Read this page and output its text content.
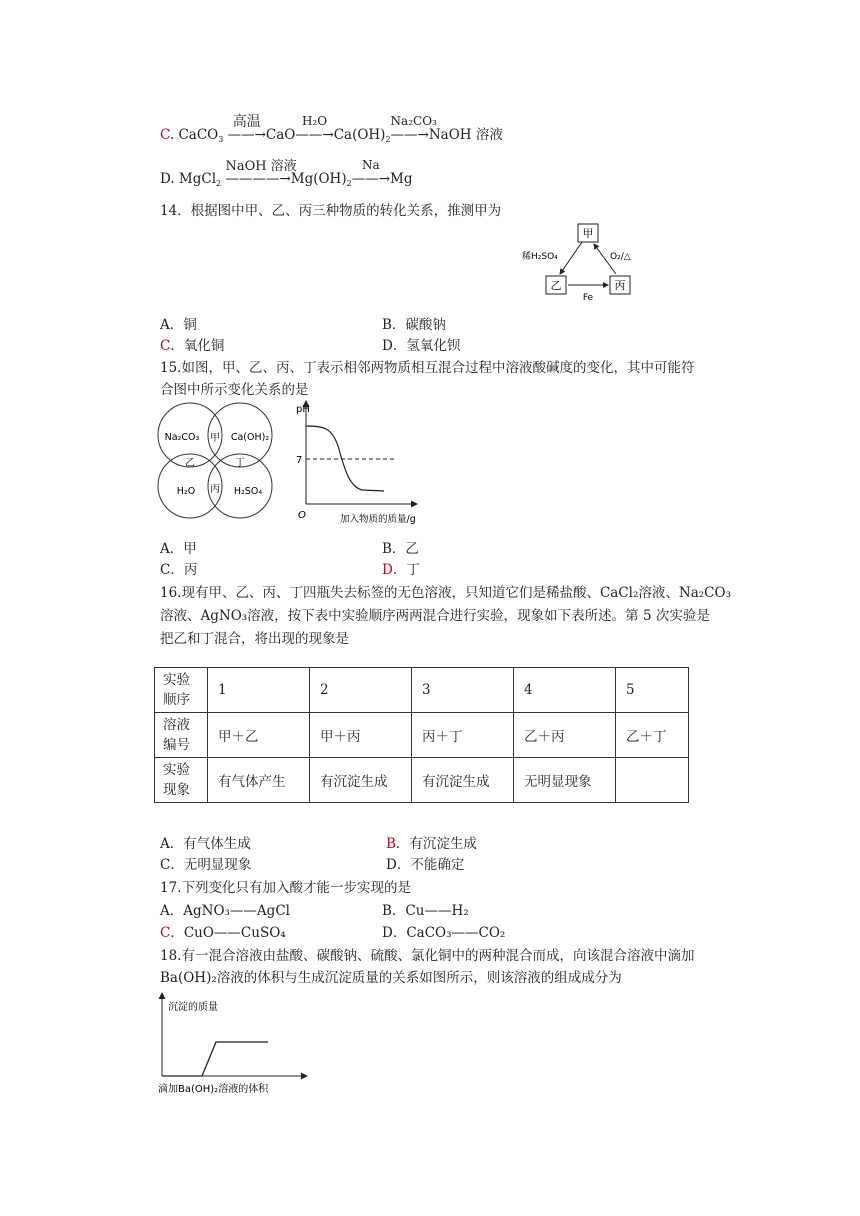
C. CaCO$_3$
高温
——→CaO
H₂O
$——\to Ca(OH)_2$
Na₂CO₃
——→NaOH 溶液
D. MgCl$_2$
NaOH 溶液
$————\to Mg(OH)_2$
Na
——→Mg
14．根据图中甲、乙、丙三种物质的转化关系，推测甲为
甲
乙	丙
稀H₂SO₄	O₂/△
Fe
A．铜	B．碳酸钠
C．氧化铜	D．氢氧化钡
15.如图，甲、乙、丙、丁表示相邻两物质相互混合过程中溶液酸碱度的变化，其中可能符
合图中所示变化关系的是
Na₂CO₃	Ca(OH)₂
H₂O	H₂SO₄
甲
乙	丁
丙
pH
O
7
加入物质的质量/g
A．甲	B．乙
C．丙	D．丁
16.现有甲、乙、丙、丁四瓶失去标签的无色溶液，只知道它们是稀盐酸、CaCl₂溶液、Na₂CO₃
溶液、AgNO₃溶液，按下表中实验顺序两两混合进行实验，现象如下表所述。第 5 次实验是
把乙和丁混合，将出现的现象是
实验顺序	1	2	3	4	5
溶液编号	甲＋乙	甲＋丙	丙＋丁	乙＋丙	乙＋丁
实验现象	有气体产生	有沉淀生成	有沉淀生成	无明显现象	
A．有气体生成	B．有沉淀生成
C．无明显现象	D．不能确定
17.下列变化只有加入酸才能一步实现的是
A．AgNO₃——AgCl	B．Cu——H₂
C．CuO——CuSO₄	D．CaCO₃——CO₂
18.有一混合溶液由盐酸、碳酸钠、硫酸、氯化铜中的两种混合而成，向该混合溶液中滴加
Ba(OH)₂溶液的体积与生成沉淀质量的关系如图所示，则该溶液的组成成分为
沉淀的质量
滴加Ba(OH)₂溶液的体积
